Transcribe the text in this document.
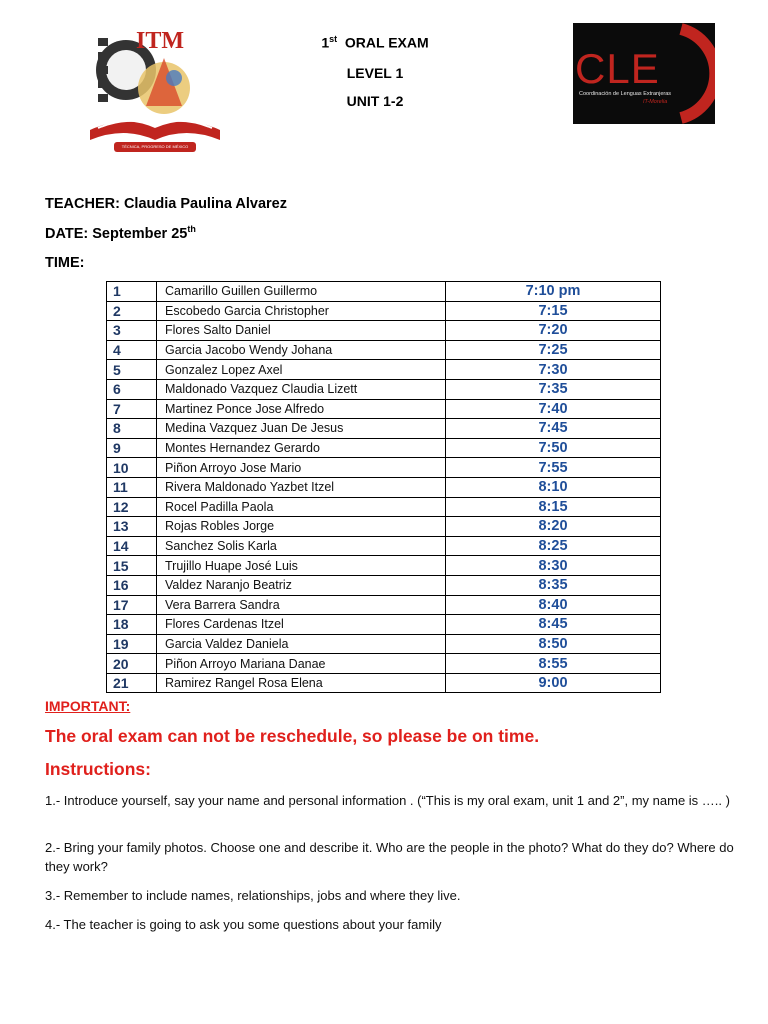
ITM
TÉCNICA, PROGRESO DE MÉXICO
1st ORAL EXAM
LEVEL 1
UNIT 1-2
CLE
Coordinación de Lenguas Extranjeras
IT-Morelia
TEACHER: Claudia Paulina Alvarez
DATE: September 25th
TIME:
1	Camarillo Guillen Guillermo	7:10 pm
2	Escobedo Garcia Christopher	7:15
3	Flores Salto Daniel	7:20
4	Garcia Jacobo Wendy Johana	7:25
5	Gonzalez Lopez Axel	7:30
6	Maldonado Vazquez Claudia Lizett	7:35
7	Martinez Ponce Jose Alfredo	7:40
8	Medina Vazquez Juan De Jesus	7:45
9	Montes Hernandez Gerardo	7:50
10	Piñon Arroyo Jose Mario	7:55
11	Rivera Maldonado Yazbet Itzel	8:10
12	Rocel Padilla Paola	8:15
13	Rojas Robles Jorge	8:20
14	Sanchez Solis Karla	8:25
15	Trujillo Huape José Luis	8:30
16	Valdez Naranjo Beatriz	8:35
17	Vera Barrera Sandra	8:40
18	Flores Cardenas Itzel	8:45
19	Garcia Valdez Daniela	8:50
20	Piñon Arroyo Mariana Danae	8:55
21	Ramirez Rangel Rosa Elena	9:00
IMPORTANT:
The oral exam can not be reschedule, so please be on time.
Instructions:
1.- Introduce yourself, say your name and personal information . (“This is my oral exam, unit 1 and 2”, my name is ….. )
2.- Bring your family photos. Choose one and describe it. Who are the people in the photo? What do they do? Where do they work?
3.- Remember to include names, relationships, jobs and where they live.
4.- The teacher is going to ask you some questions about your family
